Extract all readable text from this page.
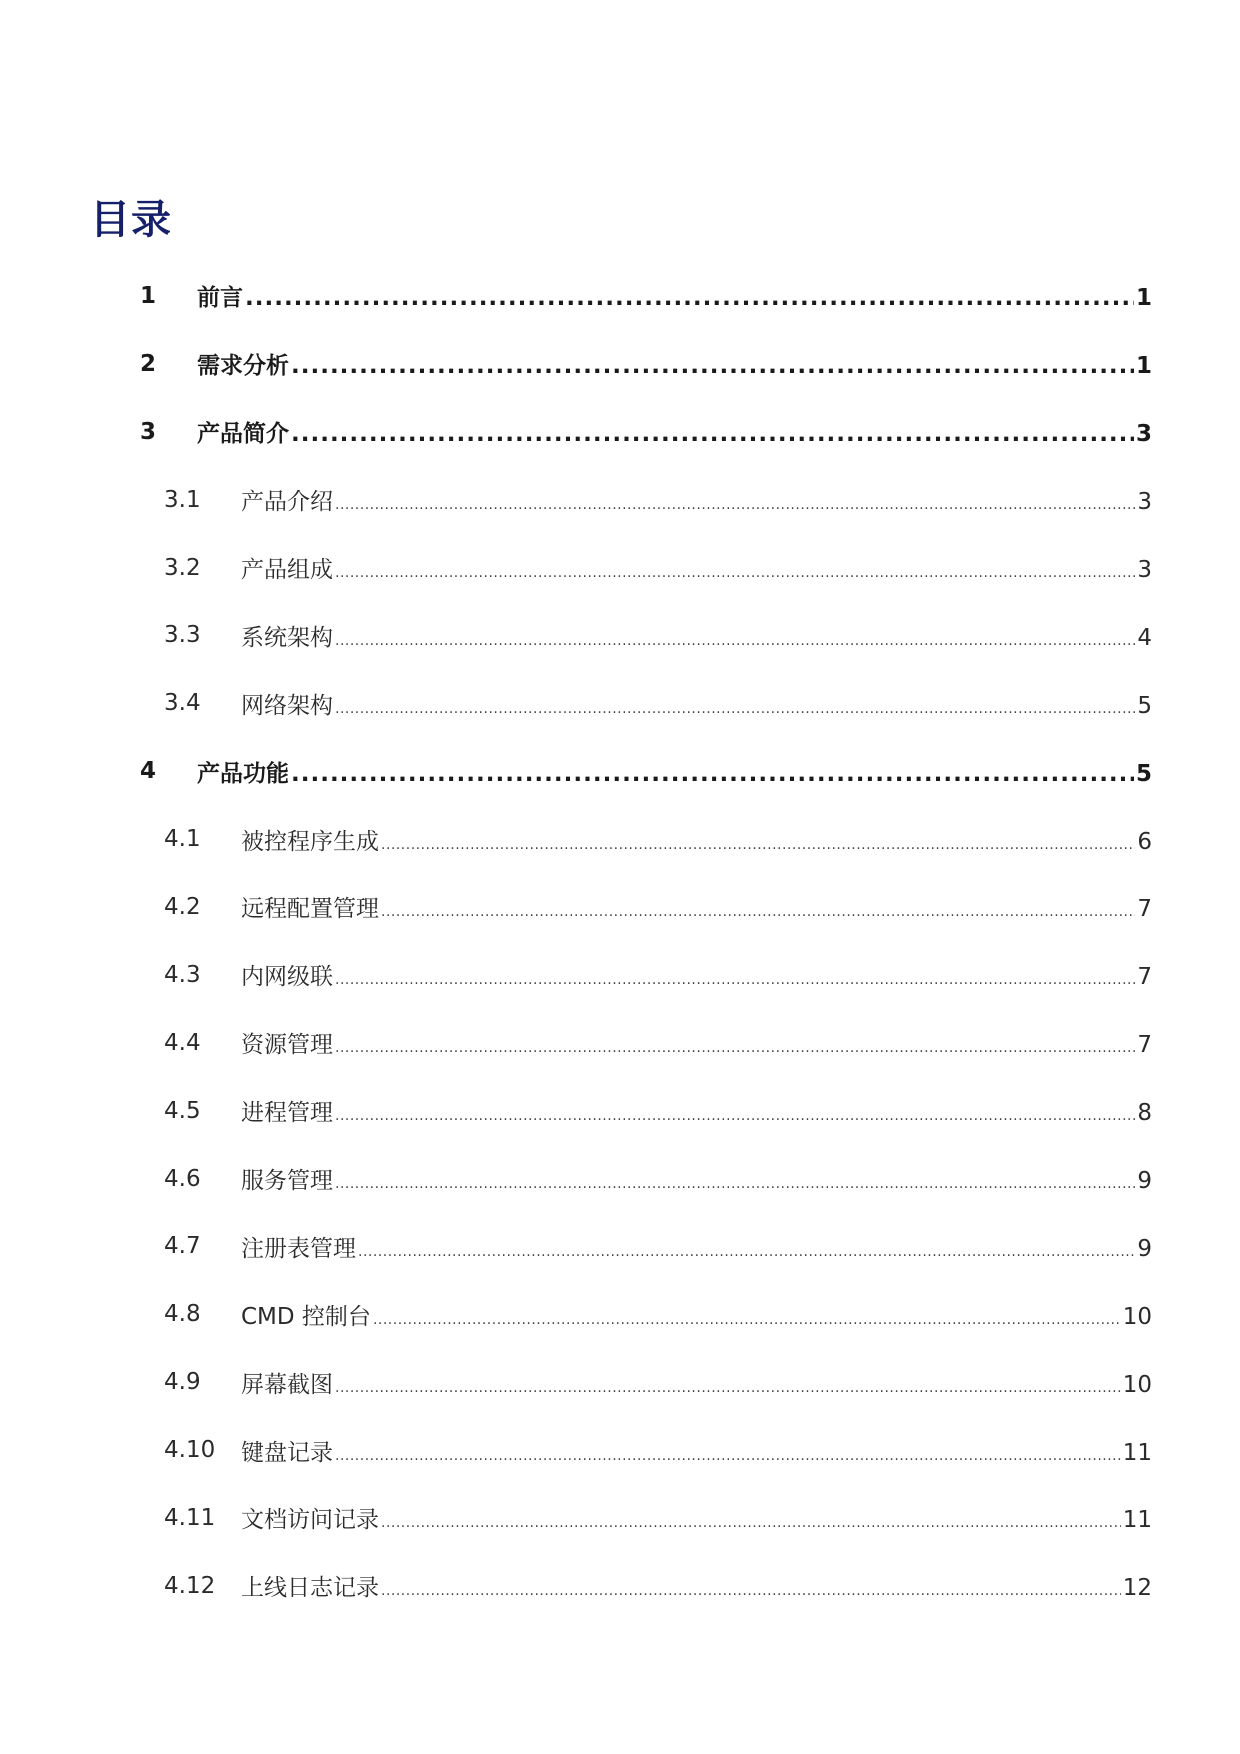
目录
1 前言 .....	1
2 需求分析 .....	1
3 产品简介 .....	3
3.1 产品介绍 .....	3
3.2 产品组成 .....	3
3.3 系统架构 .....	4
3.4 网络架构 .....	5
4 产品功能 .....	5
4.1 被控程序生成 .....	6
4.2 远程配置管理 .....	7
4.3 内网级联 .....	7
4.4 资源管理 .....	7
4.5 进程管理 .....	8
4.6 服务管理 .....	9
4.7 注册表管理 .....	9
4.8 CMD 控制台 .....	10
4.9 屏幕截图 .....	10
4.10 键盘记录 .....	11
4.11 文档访问记录 .....	11
4.12 上线日志记录 .....	12
